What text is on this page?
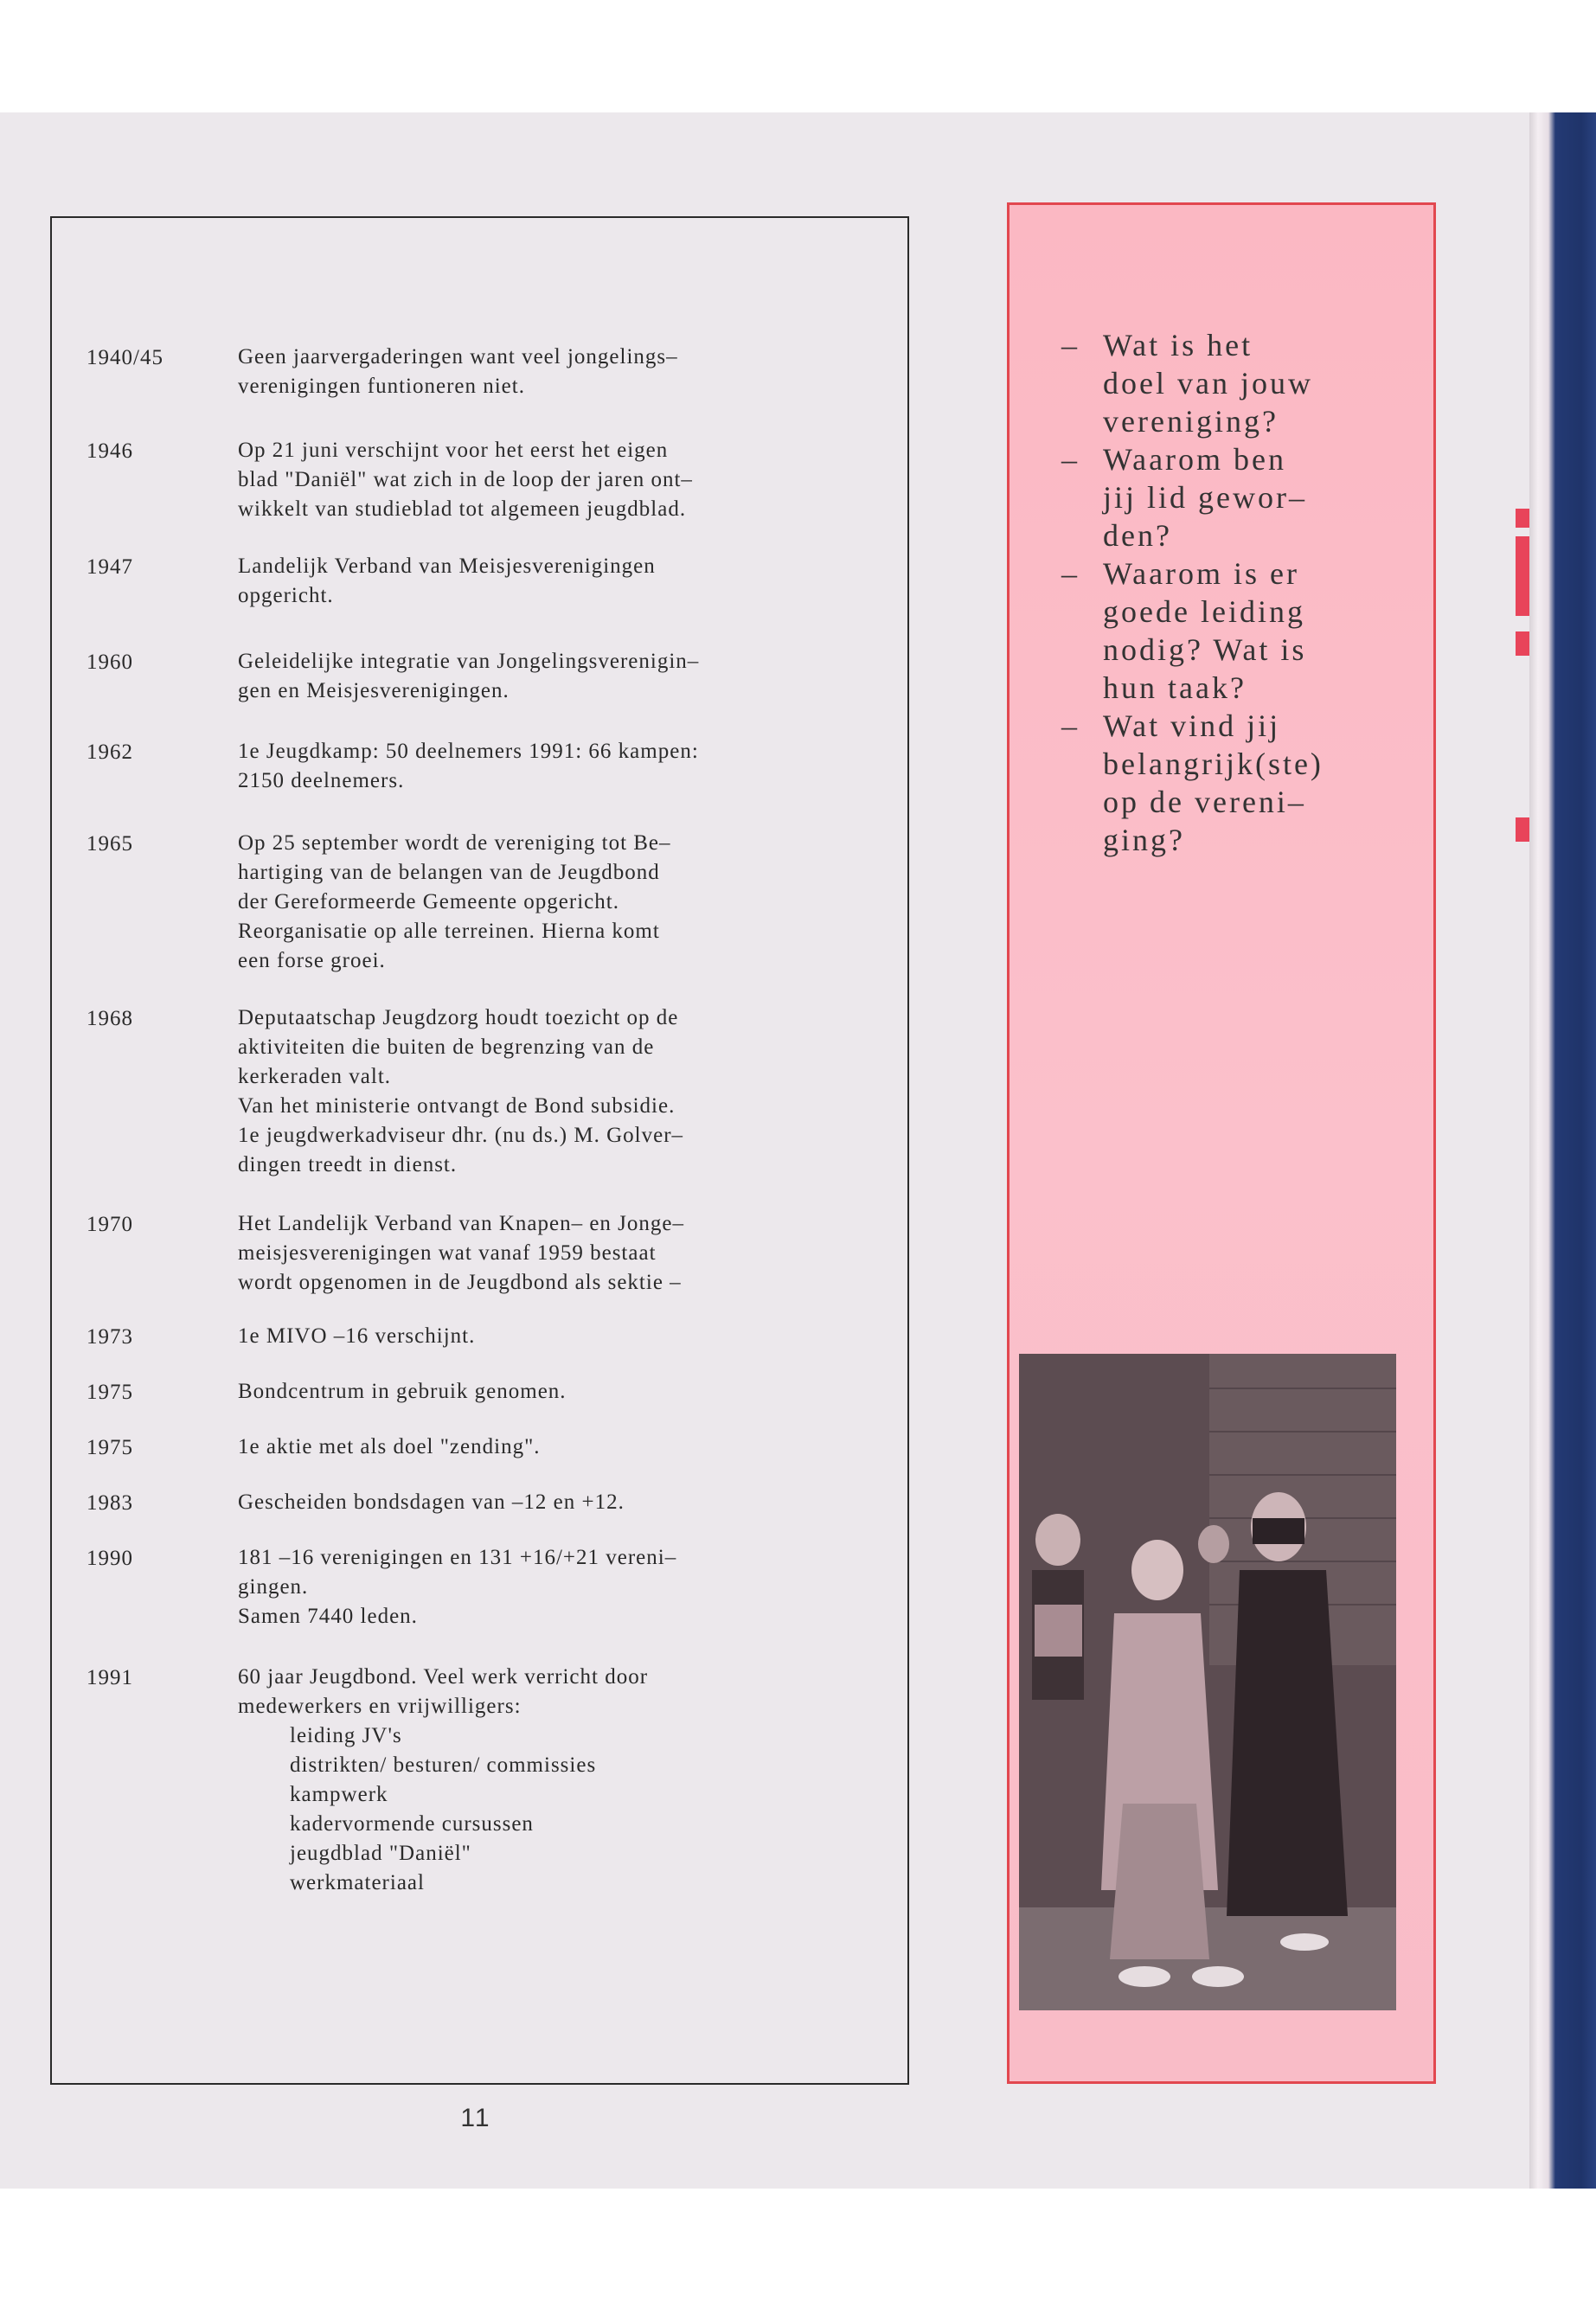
1940/45	Geen jaarvergaderingen want veel jongelings–
verenigingen funtioneren niet.
1946	Op 21 juni verschijnt voor het eerst het eigen
blad "Daniël" wat zich in de loop der jaren ont–
wikkelt van studieblad tot algemeen jeugdblad.
1947	Landelijk Verband van Meisjesverenigingen
opgericht.
1960	Geleidelijke integratie van Jongelingsverenigin–
gen en Meisjesverenigingen.
1962	1e Jeugdkamp: 50 deelnemers 1991: 66 kampen:
2150 deelnemers.
1965	Op 25 september wordt de vereniging tot Be–
hartiging van de belangen van de Jeugdbond
der Gereformeerde Gemeente opgericht.
Reorganisatie op alle terreinen. Hierna komt
een forse groei.
1968	Deputaatschap Jeugdzorg houdt toezicht op de
aktiviteiten die buiten de begrenzing van de
kerkeraden valt.
Van het ministerie ontvangt de Bond subsidie.
1e jeugdwerkadviseur dhr. (nu ds.) M. Golver–
dingen treedt in dienst.
1970	Het Landelijk Verband van Knapen– en Jonge–
meisjesverenigingen wat vanaf 1959 bestaat
wordt opgenomen in de Jeugdbond als sektie –
1973	1e MIVO –16 verschijnt.
1975	Bondcentrum in gebruik genomen.
1975	1e aktie met als doel "zending".
1983	Gescheiden bondsdagen van –12 en +12.
1990	181 –16 verenigingen en 131 +16/+21 vereni–
gingen.
Samen 7440 leden.
1991	60 jaar Jeugdbond. Veel werk verricht door
medewerkers en vrijwilligers:
leiding JV's
distrikten/ besturen/ commissies
kampwerk
kadervormende cursussen
jeugdblad "Daniël"
werkmateriaal
11
– Wat is het
doel van jouw
vereniging?
– Waarom ben
jij lid gewor–
den?
– Waarom is er
goede leiding
nodig? Wat is
hun taak?
– Wat vind jij
belangrijk(ste)
op de vereni–
ging?
